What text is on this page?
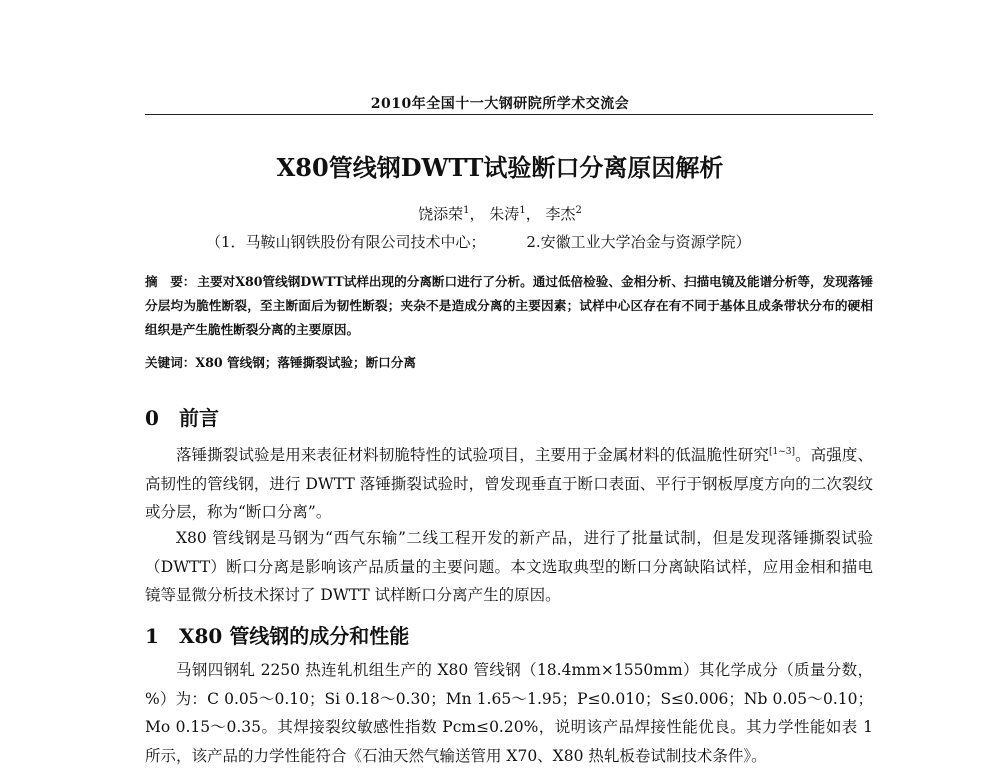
2010年全国十一大钢研院所学术交流会
X80管线钢DWTT试验断口分离原因解析
饶添荣$^1$， 朱涛$^1$， 李杰$^2$
（1．马鞍山钢铁股份有限公司技术中心；	2.安徽工业大学冶金与资源学院）
摘　要： 主要对X80管线钢DWTT试样出现的分离断口进行了分析。通过低倍检验、金相分析、扫描电镜及能谱分析等，发现落锤分层均为脆性断裂，至主断面后为韧性断裂；夹杂不是造成分离的主要因素；试样中心区存在有不同于基体且成条带状分布的硬相组织是产生脆性断裂分离的主要原因。
关键词：X80 管线钢；落锤撕裂试验；断口分离
0 前言
落锤撕裂试验是用来表征材料韧脆特性的试验项目，主要用于金属材料的低温脆性研究[1~3]。高强度、高韧性的管线钢，进行 DWTT 落锤撕裂试验时，曾发现垂直于断口表面、平行于钢板厚度方向的二次裂纹或分层，称为“断口分离”。
X80 管线钢是马钢为“西气东输”二线工程开发的新产品，进行了批量试制，但是发现落锤撕裂试验（DWTT）断口分离是影响该产品质量的主要问题。本文选取典型的断口分离缺陷试样，应用金相和描电镜等显微分析技术探讨了 DWTT 试样断口分离产生的原因。
1 X80 管线钢的成分和性能
马钢四钢轧 2250 热连轧机组生产的 X80 管线钢（18.4mm×1550mm）其化学成分（质量分数，%）为：C 0.05～0.10；Si 0.18～0.30；Mn 1.65～1.95；P≤0.010；S≤0.006；Nb 0.05～0.10；Mo 0.15～0.35。其焊接裂纹敏感性指数 Pcm≤0.20%，说明该产品焊接性能优良。其力学性能如表 1 所示，该产品的力学性能符合《石油天然气输送管用 X70、X80 热轧板卷试制技术条件》。
